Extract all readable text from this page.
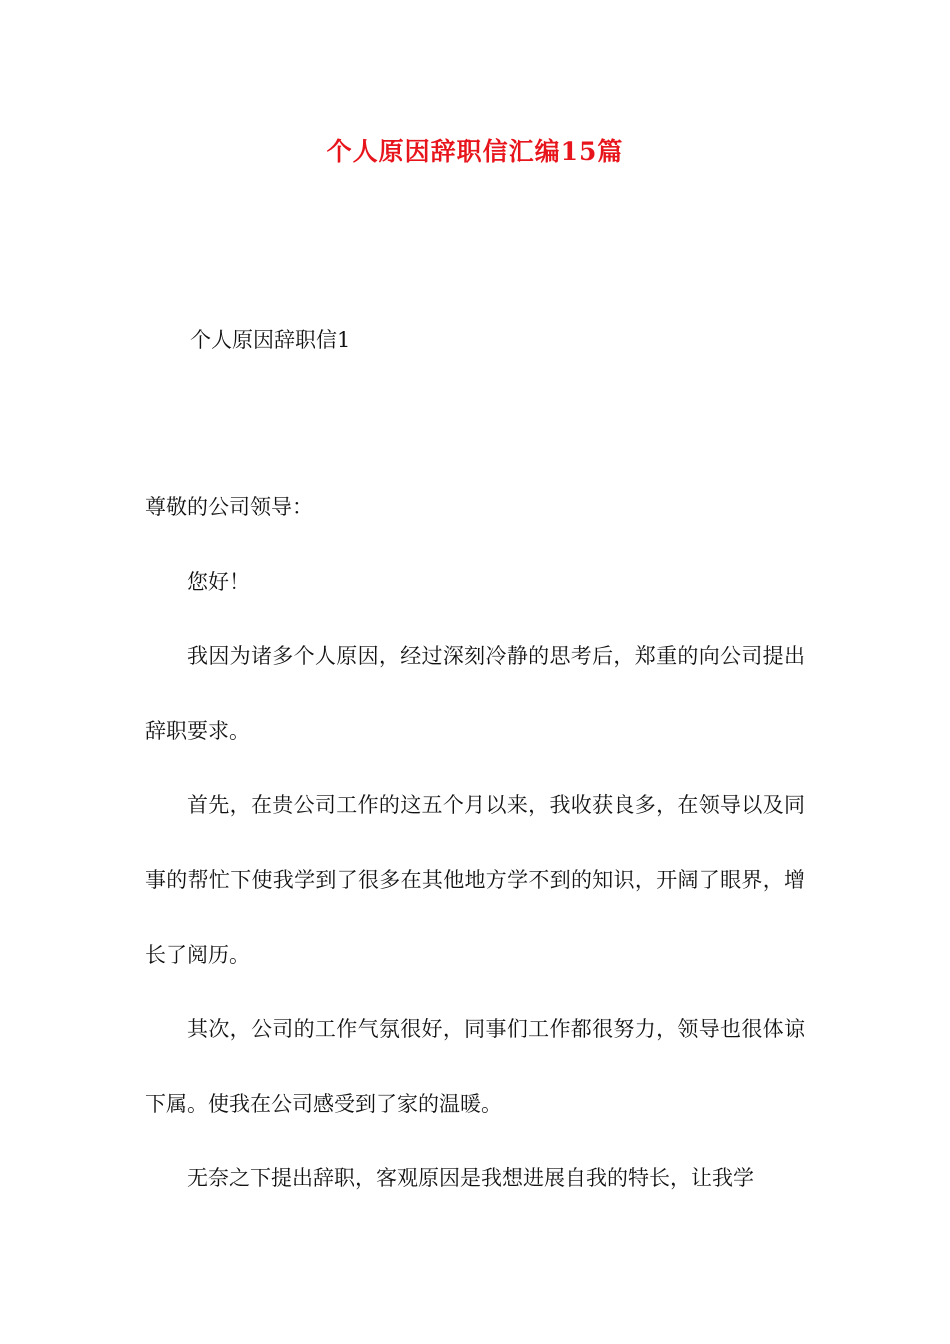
个人原因辞职信汇编15篇
个人原因辞职信1

尊敬的公司领导：

您好！

我因为诸多个人原因，经过深刻冷静的思考后，郑重的向公司提出辞职要求。

首先，在贵公司工作的这五个月以来，我收获良多，在领导以及同事的帮忙下使我学到了很多在其他地方学不到的知识，开阔了眼界，增长了阅历。

其次，公司的工作气氛很好，同事们工作都很努力，领导也很体谅下属。使我在公司感受到了家的温暖。

无奈之下提出辞职，客观原因是我想进展自我的特长，让我学
